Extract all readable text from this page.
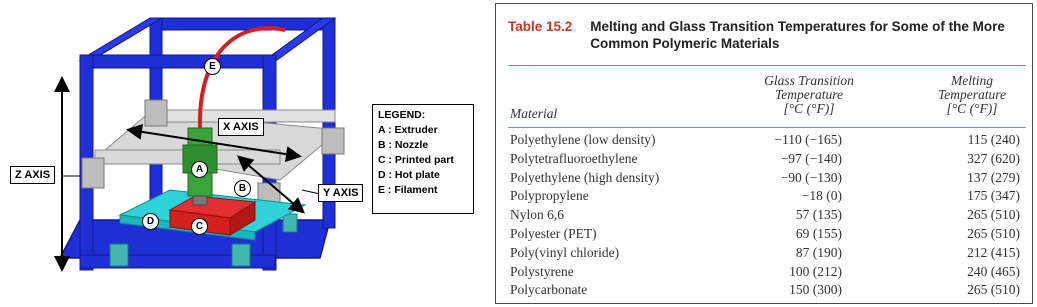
X AXIS
Y AXIS
Z AXIS	A
B
C
D
E
LEGEND:
A : Extruder
B : Nozzle
C : Printed part
D : Hot plate
E : Filament
Table 15.2 Melting and Glass Transition Temperatures for Some of the More Common Polymeric Materials
Material
Glass Transition
Temperature
[°C (°F)]
Melting
Temperature
[°C (°F)]
Polyethylene (low density)	−110 (−165)	115 (240)
Polytetrafluoroethylene	−97 (−140)	327 (620)
Polyethylene (high density)	−90 (−130)	137 (279)
Polypropylene	−18 (0)	175 (347)
Nylon 6,6	57 (135)	265 (510)
Polyester (PET)	69 (155)	265 (510)
Poly(vinyl chloride)	87 (190)	212 (415)
Polystyrene	100 (212)	240 (465)
Polycarbonate	150 (300)	265 (510)
